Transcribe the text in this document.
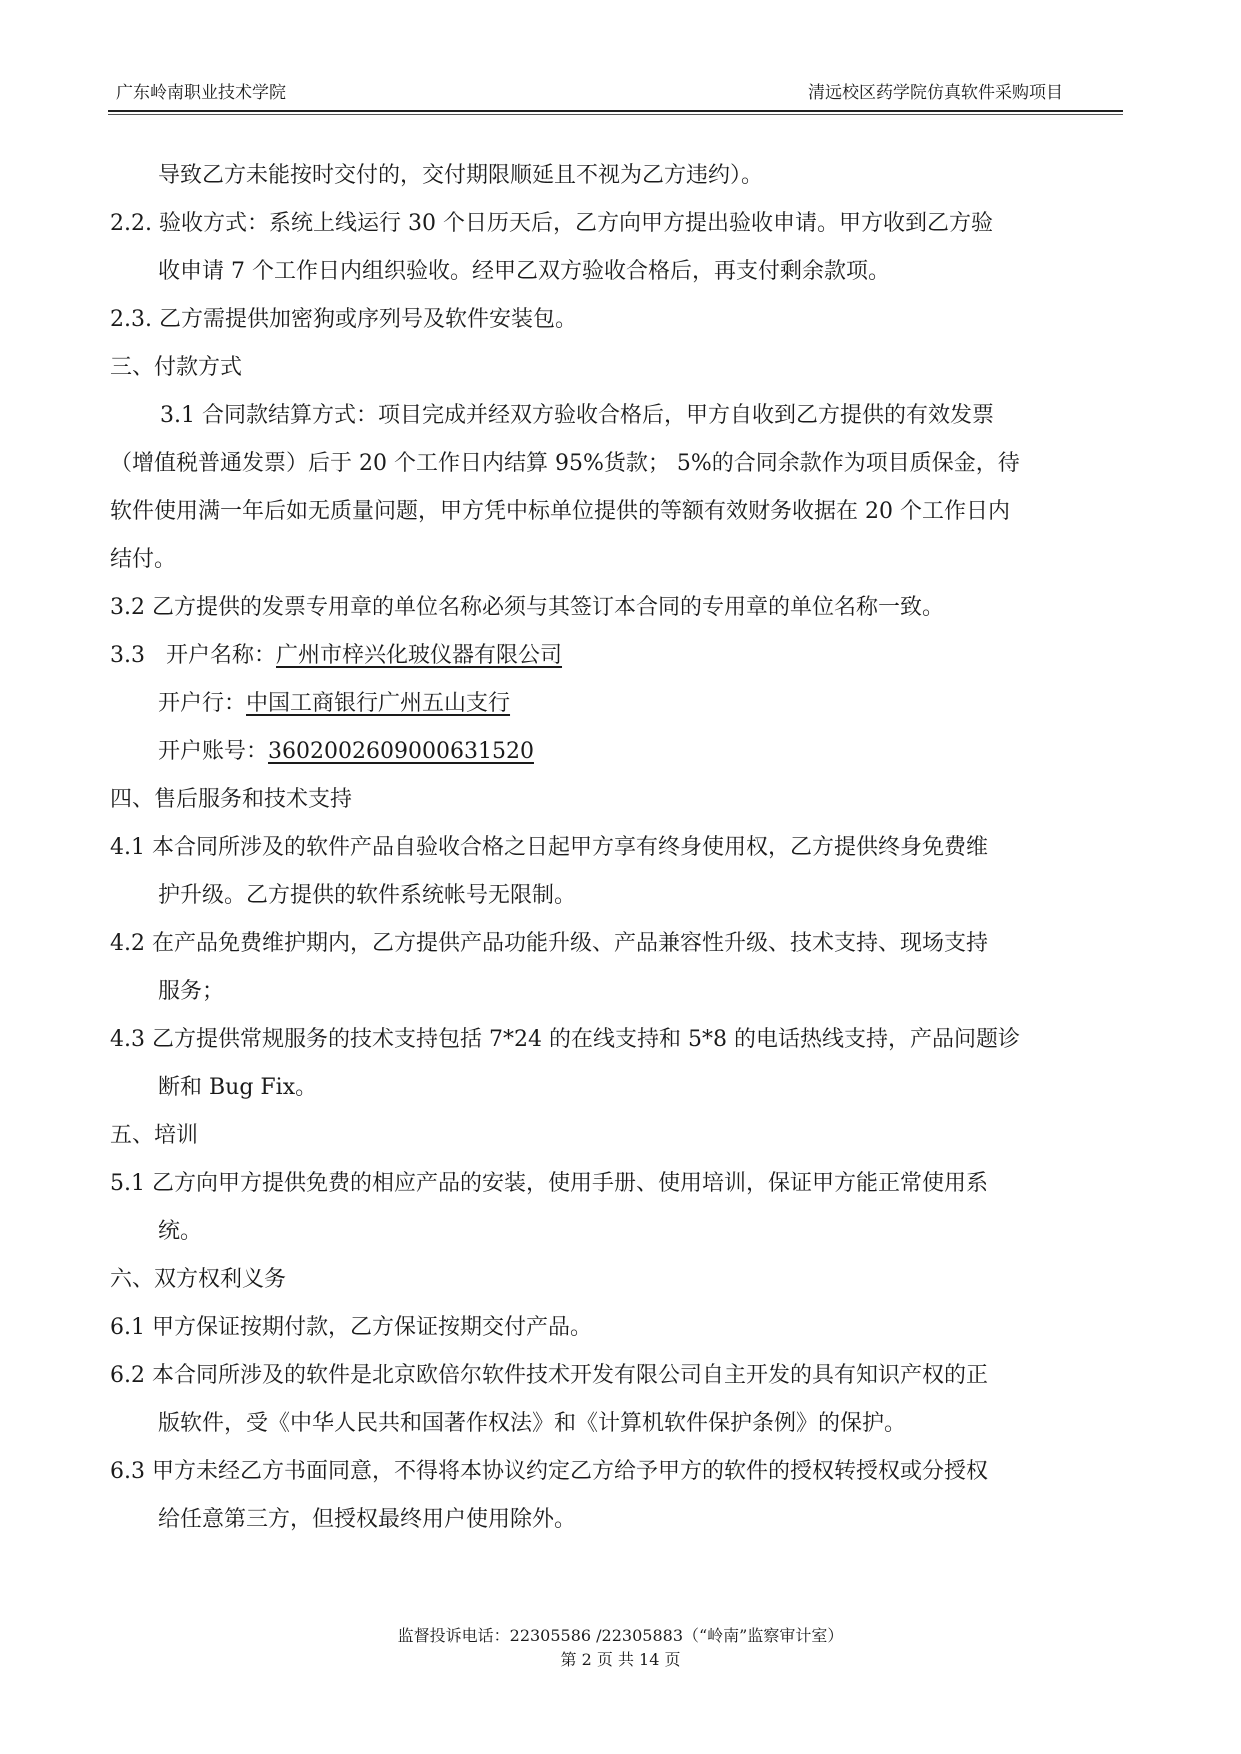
广东岭南职业技术学院	清远校区药学院仿真软件采购项目
导致乙方未能按时交付的，交付期限顺延且不视为乙方违约）。
2.2. 验收方式：系统上线运行 30 个日历天后，乙方向甲方提出验收申请。甲方收到乙方验
收申请 7 个工作日内组织验收。经甲乙双方验收合格后，再支付剩余款项。
2.3. 乙方需提供加密狗或序列号及软件安装包。
三、付款方式
3.1 合同款结算方式：项目完成并经双方验收合格后，甲方自收到乙方提供的有效发票
（增值税普通发票）后于 20 个工作日内结算 95%货款； 5%的合同余款作为项目质保金，待
软件使用满一年后如无质量问题，甲方凭中标单位提供的等额有效财务收据在 20 个工作日内
结付。
3.2 乙方提供的发票专用章的单位名称必须与其签订本合同的专用章的单位名称一致。
3.3 开户名称：广州市梓兴化玻仪器有限公司
开户行：中国工商银行广州五山支行
开户账号：3602002609000631520
四、售后服务和技术支持
4.1 本合同所涉及的软件产品自验收合格之日起甲方享有终身使用权，乙方提供终身免费维
护升级。乙方提供的软件系统帐号无限制。
4.2 在产品免费维护期内，乙方提供产品功能升级、产品兼容性升级、技术支持、现场支持
服务；
4.3 乙方提供常规服务的技术支持包括 7*24 的在线支持和 5*8 的电话热线支持，产品问题诊
断和 Bug Fix。
五、培训
5.1 乙方向甲方提供免费的相应产品的安装，使用手册、使用培训，保证甲方能正常使用系
统。
六、双方权利义务
6.1 甲方保证按期付款，乙方保证按期交付产品。
6.2 本合同所涉及的软件是北京欧倍尔软件技术开发有限公司自主开发的具有知识产权的正
版软件，受《中华人民共和国著作权法》和《计算机软件保护条例》的保护。
6.3 甲方未经乙方书面同意，不得将本协议约定乙方给予甲方的软件的授权转授权或分授权
给任意第三方，但授权最终用户使用除外。
监督投诉电话：22305586 /22305883（“岭南”监察审计室）
第 2 页 共 14 页
